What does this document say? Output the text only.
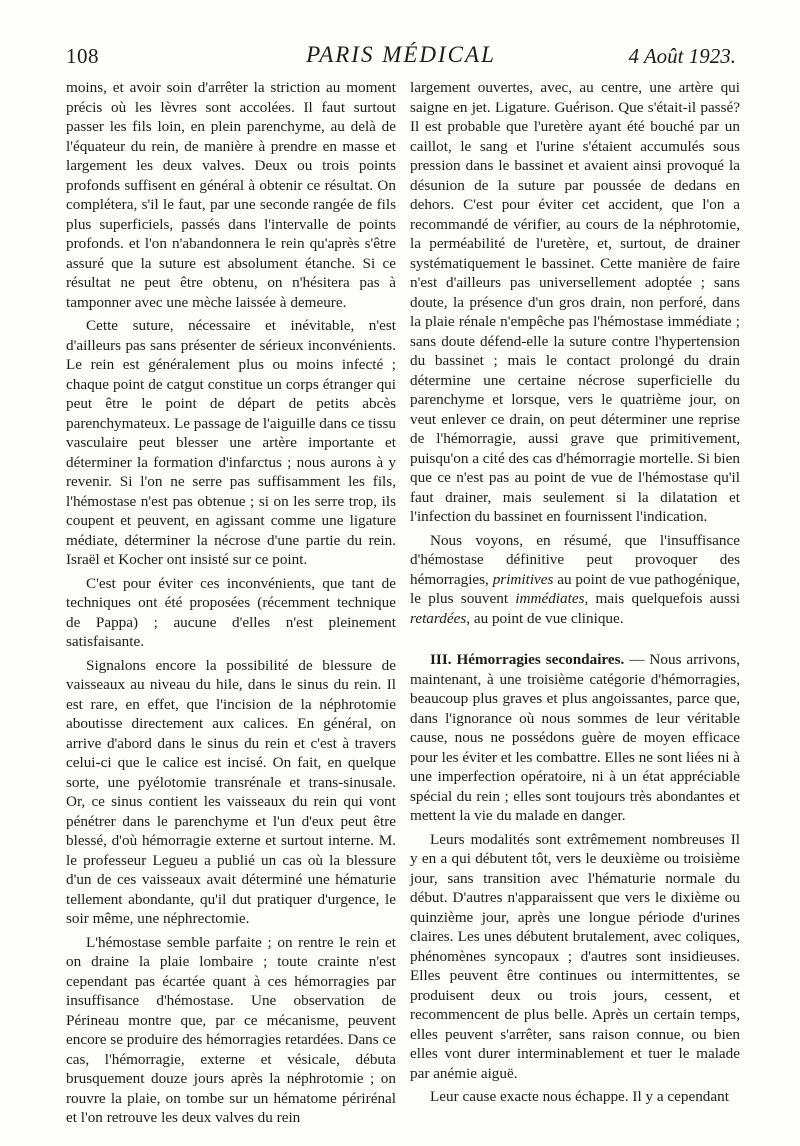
108	PARIS MÉDICAL	4 Août 1923.

moins, et avoir soin d'arrêter la striction au moment précis où les lèvres sont accolées. Il faut surtout passer les fils loin, en plein parenchyme, au delà de l'équateur du rein, de manière à prendre en masse et largement les deux valves. Deux ou trois points profonds suffisent en général à obtenir ce résultat. On complétera, s'il le faut, par une seconde rangée de fils plus superficiels, passés dans l'intervalle de points profonds. et l'on n'abandonnera le rein qu'après s'être assuré que la suture est absolument étanche. Si ce résultat ne peut être obtenu, on n'hésitera pas à tamponner avec une mèche laissée à demeure.

Cette suture, nécessaire et inévitable, n'est d'ailleurs pas sans présenter de sérieux inconvénients. Le rein est généralement plus ou moins infecté ; chaque point de catgut constitue un corps étranger qui peut être le point de départ de petits abcès parenchymateux. Le passage de l'aiguille dans ce tissu vasculaire peut blesser une artère importante et déterminer la formation d'infarctus ; nous aurons à y revenir. Si l'on ne serre pas suffisamment les fils, l'hémostase n'est pas obtenue ; si on les serre trop, ils coupent et peuvent, en agissant comme une ligature médiate, déterminer la nécrose d'une partie du rein. Israël et Kocher ont insisté sur ce point.

C'est pour éviter ces inconvénients, que tant de techniques ont été proposées (récemment technique de Pappa) ; aucune d'elles n'est pleinement satisfaisante.

Signalons encore la possibilité de blessure de vaisseaux au niveau du hile, dans le sinus du rein. Il est rare, en effet, que l'incision de la néphrotomie aboutisse directement aux calices. En général, on arrive d'abord dans le sinus du rein et c'est à travers celui-ci que le calice est incisé. On fait, en quelque sorte, une pyélotomie transrénale et trans-sinusale. Or, ce sinus contient les vaisseaux du rein qui vont pénétrer dans le parenchyme et l'un d'eux peut être blessé, d'où hémorragie externe et surtout interne. M. le professeur Legueu a publié un cas où la blessure d'un de ces vaisseaux avait déterminé une hématurie tellement abondante, qu'il dut pratiquer d'urgence, le soir même, une néphrectomie.

L'hémostase semble parfaite ; on rentre le rein et on draine la plaie lombaire ; toute crainte n'est cependant pas écartée quant à ces hémorragies par insuffisance d'hémostase. Une observation de Périneau montre que, par ce mécanisme, peuvent encore se produire des hémorragies retardées. Dans ce cas, l'hémorragie, externe et vésicale, débuta brusquement douze jours après la néphrotomie ; on rouvre la plaie, on tombe sur un hématome périrénal et l'on retrouve les deux valves du rein

largement ouvertes, avec, au centre, une artère qui saigne en jet. Ligature. Guérison. Que s'était-il passé? Il est probable que l'uretère ayant été bouché par un caillot, le sang et l'urine s'étaient accumulés sous pression dans le bassinet et avaient ainsi provoqué la désunion de la suture par poussée de dedans en dehors. C'est pour éviter cet accident, que l'on a recommandé de vérifier, au cours de la néphrotomie, la perméabilité de l'uretère, et, surtout, de drainer systématiquement le bassinet. Cette manière de faire n'est d'ailleurs pas universellement adoptée ; sans doute, la présence d'un gros drain, non perforé, dans la plaie rénale n'empêche pas l'hémostase immédiate ; sans doute défend-elle la suture contre l'hypertension du bassinet ; mais le contact prolongé du drain détermine une certaine nécrose superficielle du parenchyme et lorsque, vers le quatrième jour, on veut enlever ce drain, on peut déterminer une reprise de l'hémorragie, aussi grave que primitivement, puisqu'on a cité des cas d'hémorragie mortelle. Si bien que ce n'est pas au point de vue de l'hémostase qu'il faut drainer, mais seulement si la dilatation et l'infection du bassinet en fournissent l'indication.

Nous voyons, en résumé, que l'insuffisance d'hémostase définitive peut provoquer des hémorragies, primitives au point de vue pathogénique, le plus souvent immédiates, mais quelquefois aussi retardées, au point de vue clinique.

III. Hémorragies secondaires. — Nous arrivons, maintenant, à une troisième catégorie d'hémorragies, beaucoup plus graves et plus angoissantes, parce que, dans l'ignorance où nous sommes de leur véritable cause, nous ne possédons guère de moyen efficace pour les éviter et les combattre. Elles ne sont liées ni à une imperfection opératoire, ni à un état appréciable spécial du rein ; elles sont toujours très abondantes et mettent la vie du malade en danger.

Leurs modalités sont extrêmement nombreuses Il y en a qui débutent tôt, vers le deuxième ou troisième jour, sans transition avec l'hématurie normale du début. D'autres n'apparaissent que vers le dixième ou quinzième jour, après une longue période d'urines claires. Les unes débutent brutalement, avec coliques, phénomènes syncopaux ; d'autres sont insidieuses. Elles peuvent être continues ou intermittentes, se produisent deux ou trois jours, cessent, et recommencent de plus belle. Après un certain temps, elles peuvent s'arrêter, sans raison connue, ou bien elles vont durer interminablement et tuer le malade par anémie aiguë.

Leur cause exacte nous échappe. Il y a cependant
